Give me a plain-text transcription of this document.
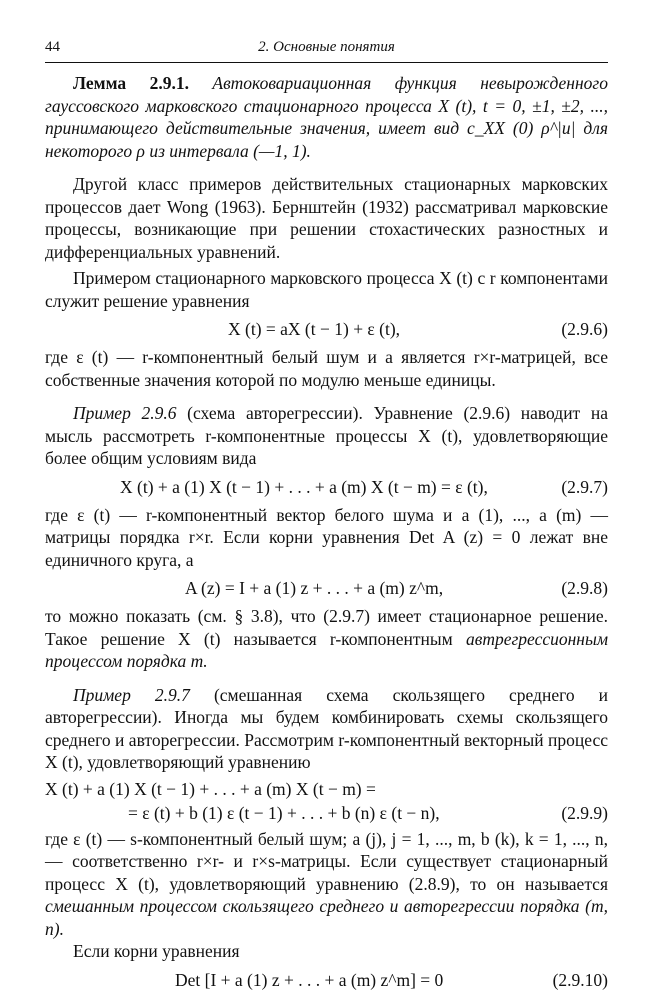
44	2. Основные понятия

Лемма 2.9.1. Автоковариационная функция невырожденного гауссовского марковского стационарного процесса X (t), t = 0, ±1, ±2, ..., принимающего действительные значения, имеет вид c_XX (0) ρ^|u| для некоторого ρ из интервала (—1, 1).

Другой класс примеров действительных стационарных марковских процессов дает Wong (1963). Бернштейн (1932) рассматривал марковские процессы, возникающие при решении стохастических разностных и дифференциальных уравнений.

Примером стационарного марковского процесса X (t) с r компонентами служит решение уравнения

X (t) = aX (t − 1) + ε (t),	(2.9.6)

где ε (t) — r-компонентный белый шум и a является r×r-матрицей, все собственные значения которой по модулю меньше единицы.

Пример 2.9.6 (схема авторегрессии). Уравнение (2.9.6) наводит на мысль рассмотреть r-компонентные процессы X (t), удовлетворяющие более общим условиям вида

X (t) + a (1) X (t − 1) + . . . + a (m) X (t − m) = ε (t),	(2.9.7)

где ε (t) — r-компонентный вектор белого шума и a (1), ..., a (m) — матрицы порядка r×r. Если корни уравнения Det A (z) = 0 лежат вне единичного круга, а

A (z) = I + a (1) z + . . . + a (m) z^m,	(2.9.8)

то можно показать (см. § 3.8), что (2.9.7) имеет стационарное решение. Такое решение X (t) называется r-компонентным автрегрессионным процессом порядка m.

Пример 2.9.7 (смешанная схема скользящего среднего и авторегрессии). Иногда мы будем комбинировать схемы скользящего среднего и авторегрессии. Рассмотрим r-компонентный векторный процесс X (t), удовлетворяющий уравнению

X (t) + a (1) X (t − 1) + . . . + a (m) X (t − m) =
= ε (t) + b (1) ε (t − 1) + . . . + b (n) ε (t − n),	(2.9.9)

где ε (t) — s-компонентный белый шум; a (j), j = 1, ..., m, b (k), k = 1, ..., n, — соответственно r×r- и r×s-матрицы. Если существует стационарный процесс X (t), удовлетворяющий уравнению (2.8.9), то он называется смешанным процессом скользящего среднего и авторегрессии порядка (m, n).

Если корни уравнения

Det [I + a (1) z + . . . + a (m) z^m] = 0	(2.9.10)
